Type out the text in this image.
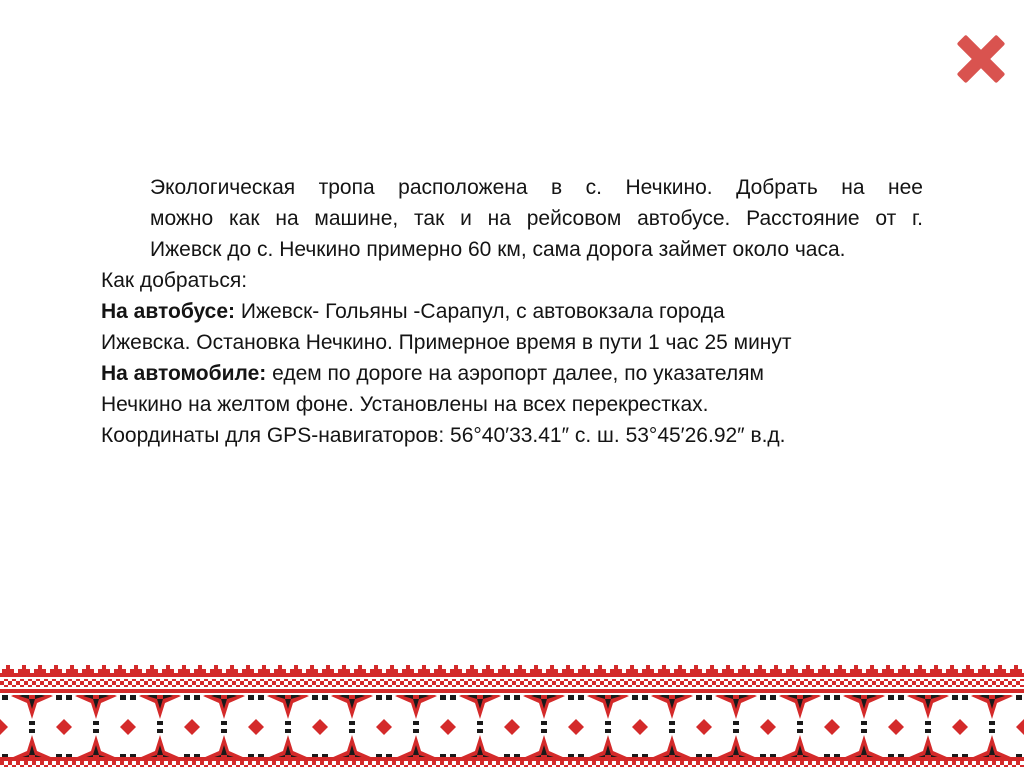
Экологическая тропа расположена в с. Нечкино. Добрать на нее
можно как на машине, так и на рейсовом автобусе. Расстояние от г.
Ижевск до с. Нечкино примерно 60 км, сама дорога займет около часа.

Как добраться:

На автобусе: Ижевск- Гольяны -Сарапул, с автовокзала города

Ижевска. Остановка Нечкино. Примерное время в пути 1 час 25 минут

На автомобиле: едем по дороге на аэропорт далее, по указателям

Нечкино на желтом фоне. Установлены на всех перекрестках.

Координаты для GPS-навигаторов: 56°40′33.41″ с. ш. 53°45′26.92″ в.д.
